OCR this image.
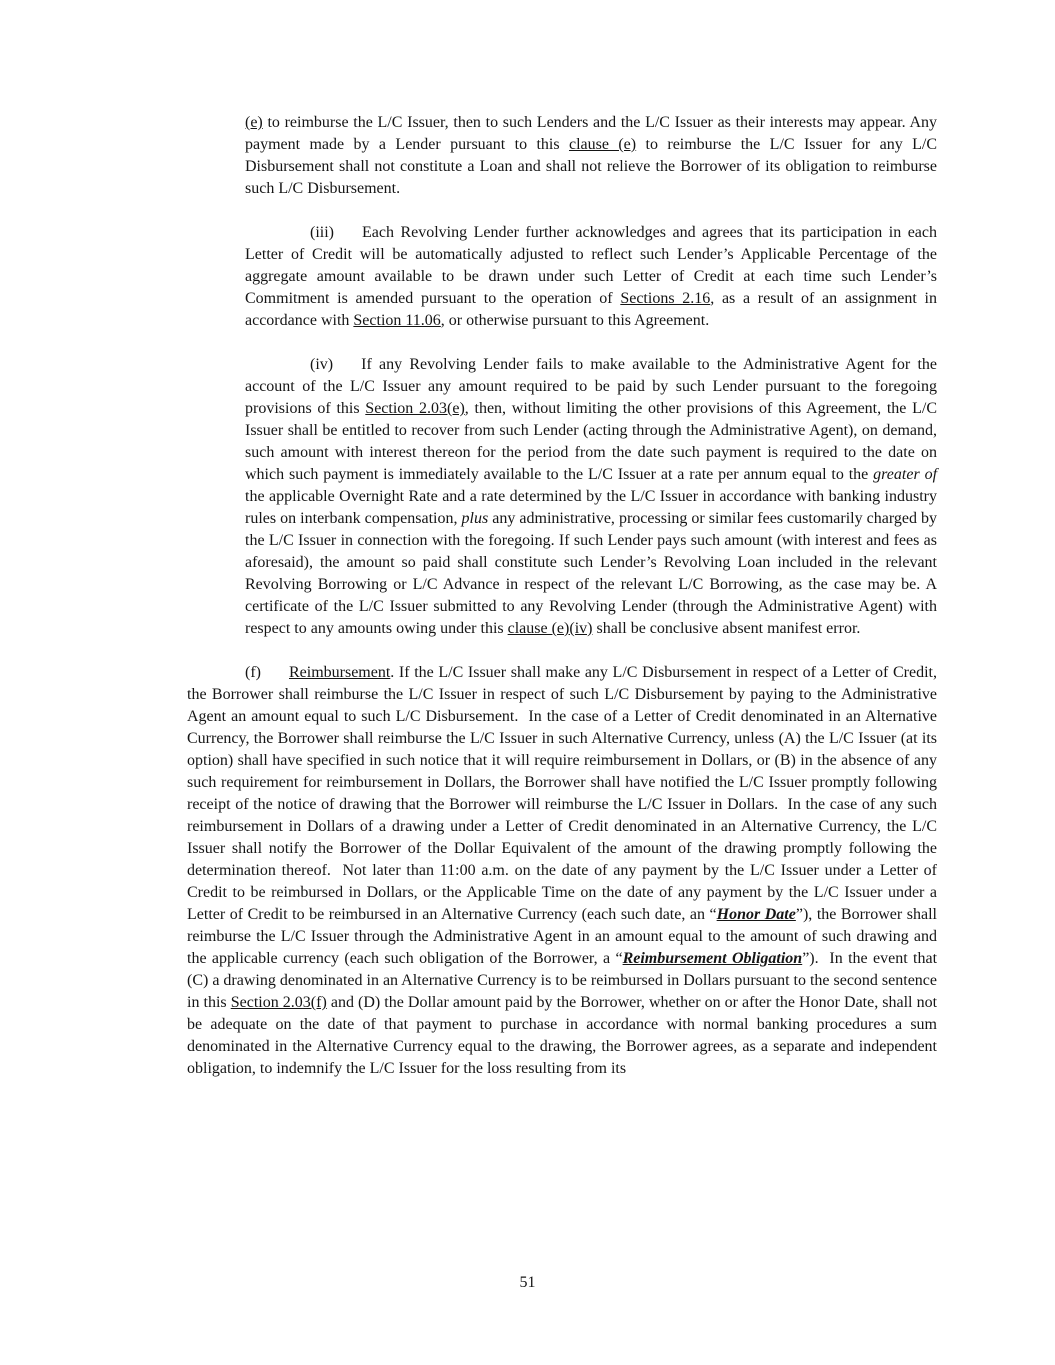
(e) to reimburse the L/C Issuer, then to such Lenders and the L/C Issuer as their interests may appear. Any payment made by a Lender pursuant to this clause (e) to reimburse the L/C Issuer for any L/C Disbursement shall not constitute a Loan and shall not relieve the Borrower of its obligation to reimburse such L/C Disbursement.

(iii) Each Revolving Lender further acknowledges and agrees that its participation in each Letter of Credit will be automatically adjusted to reflect such Lender’s Applicable Percentage of the aggregate amount available to be drawn under such Letter of Credit at each time such Lender’s Commitment is amended pursuant to the operation of Sections 2.16, as a result of an assignment in accordance with Section 11.06, or otherwise pursuant to this Agreement.

(iv) If any Revolving Lender fails to make available to the Administrative Agent for the account of the L/C Issuer any amount required to be paid by such Lender pursuant to the foregoing provisions of this Section 2.03(e), then, without limiting the other provisions of this Agreement, the L/C Issuer shall be entitled to recover from such Lender (acting through the Administrative Agent), on demand, such amount with interest thereon for the period from the date such payment is required to the date on which such payment is immediately available to the L/C Issuer at a rate per annum equal to the greater of the applicable Overnight Rate and a rate determined by the L/C Issuer in accordance with banking industry rules on interbank compensation, plus any administrative, processing or similar fees customarily charged by the L/C Issuer in connection with the foregoing. If such Lender pays such amount (with interest and fees as aforesaid), the amount so paid shall constitute such Lender’s Revolving Loan included in the relevant Revolving Borrowing or L/C Advance in respect of the relevant L/C Borrowing, as the case may be. A certificate of the L/C Issuer submitted to any Revolving Lender (through the Administrative Agent) with respect to any amounts owing under this clause (e)(iv) shall be conclusive absent manifest error.

(f) Reimbursement. If the L/C Issuer shall make any L/C Disbursement in respect of a Letter of Credit, the Borrower shall reimburse the L/C Issuer in respect of such L/C Disbursement by paying to the Administrative Agent an amount equal to such L/C Disbursement.  In the case of a Letter of Credit denominated in an Alternative Currency, the Borrower shall reimburse the L/C Issuer in such Alternative Currency, unless (A) the L/C Issuer (at its option) shall have specified in such notice that it will require reimbursement in Dollars, or (B) in the absence of any such requirement for reimbursement in Dollars, the Borrower shall have notified the L/C Issuer promptly following receipt of the notice of drawing that the Borrower will reimburse the L/C Issuer in Dollars.  In the case of any such reimbursement in Dollars of a drawing under a Letter of Credit denominated in an Alternative Currency, the L/C Issuer shall notify the Borrower of the Dollar Equivalent of the amount of the drawing promptly following the determination thereof.  Not later than 11:00 a.m. on the date of any payment by the L/C Issuer under a Letter of Credit to be reimbursed in Dollars, or the Applicable Time on the date of any payment by the L/C Issuer under a Letter of Credit to be reimbursed in an Alternative Currency (each such date, an “Honor Date”), the Borrower shall reimburse the L/C Issuer through the Administrative Agent in an amount equal to the amount of such drawing and the applicable currency (each such obligation of the Borrower, a “Reimbursement Obligation”).  In the event that (C) a drawing denominated in an Alternative Currency is to be reimbursed in Dollars pursuant to the second sentence in this Section 2.03(f) and (D) the Dollar amount paid by the Borrower, whether on or after the Honor Date, shall not be adequate on the date of that payment to purchase in accordance with normal banking procedures a sum denominated in the Alternative Currency equal to the drawing, the Borrower agrees, as a separate and independent obligation, to indemnify the L/C Issuer for the loss resulting from its

51
